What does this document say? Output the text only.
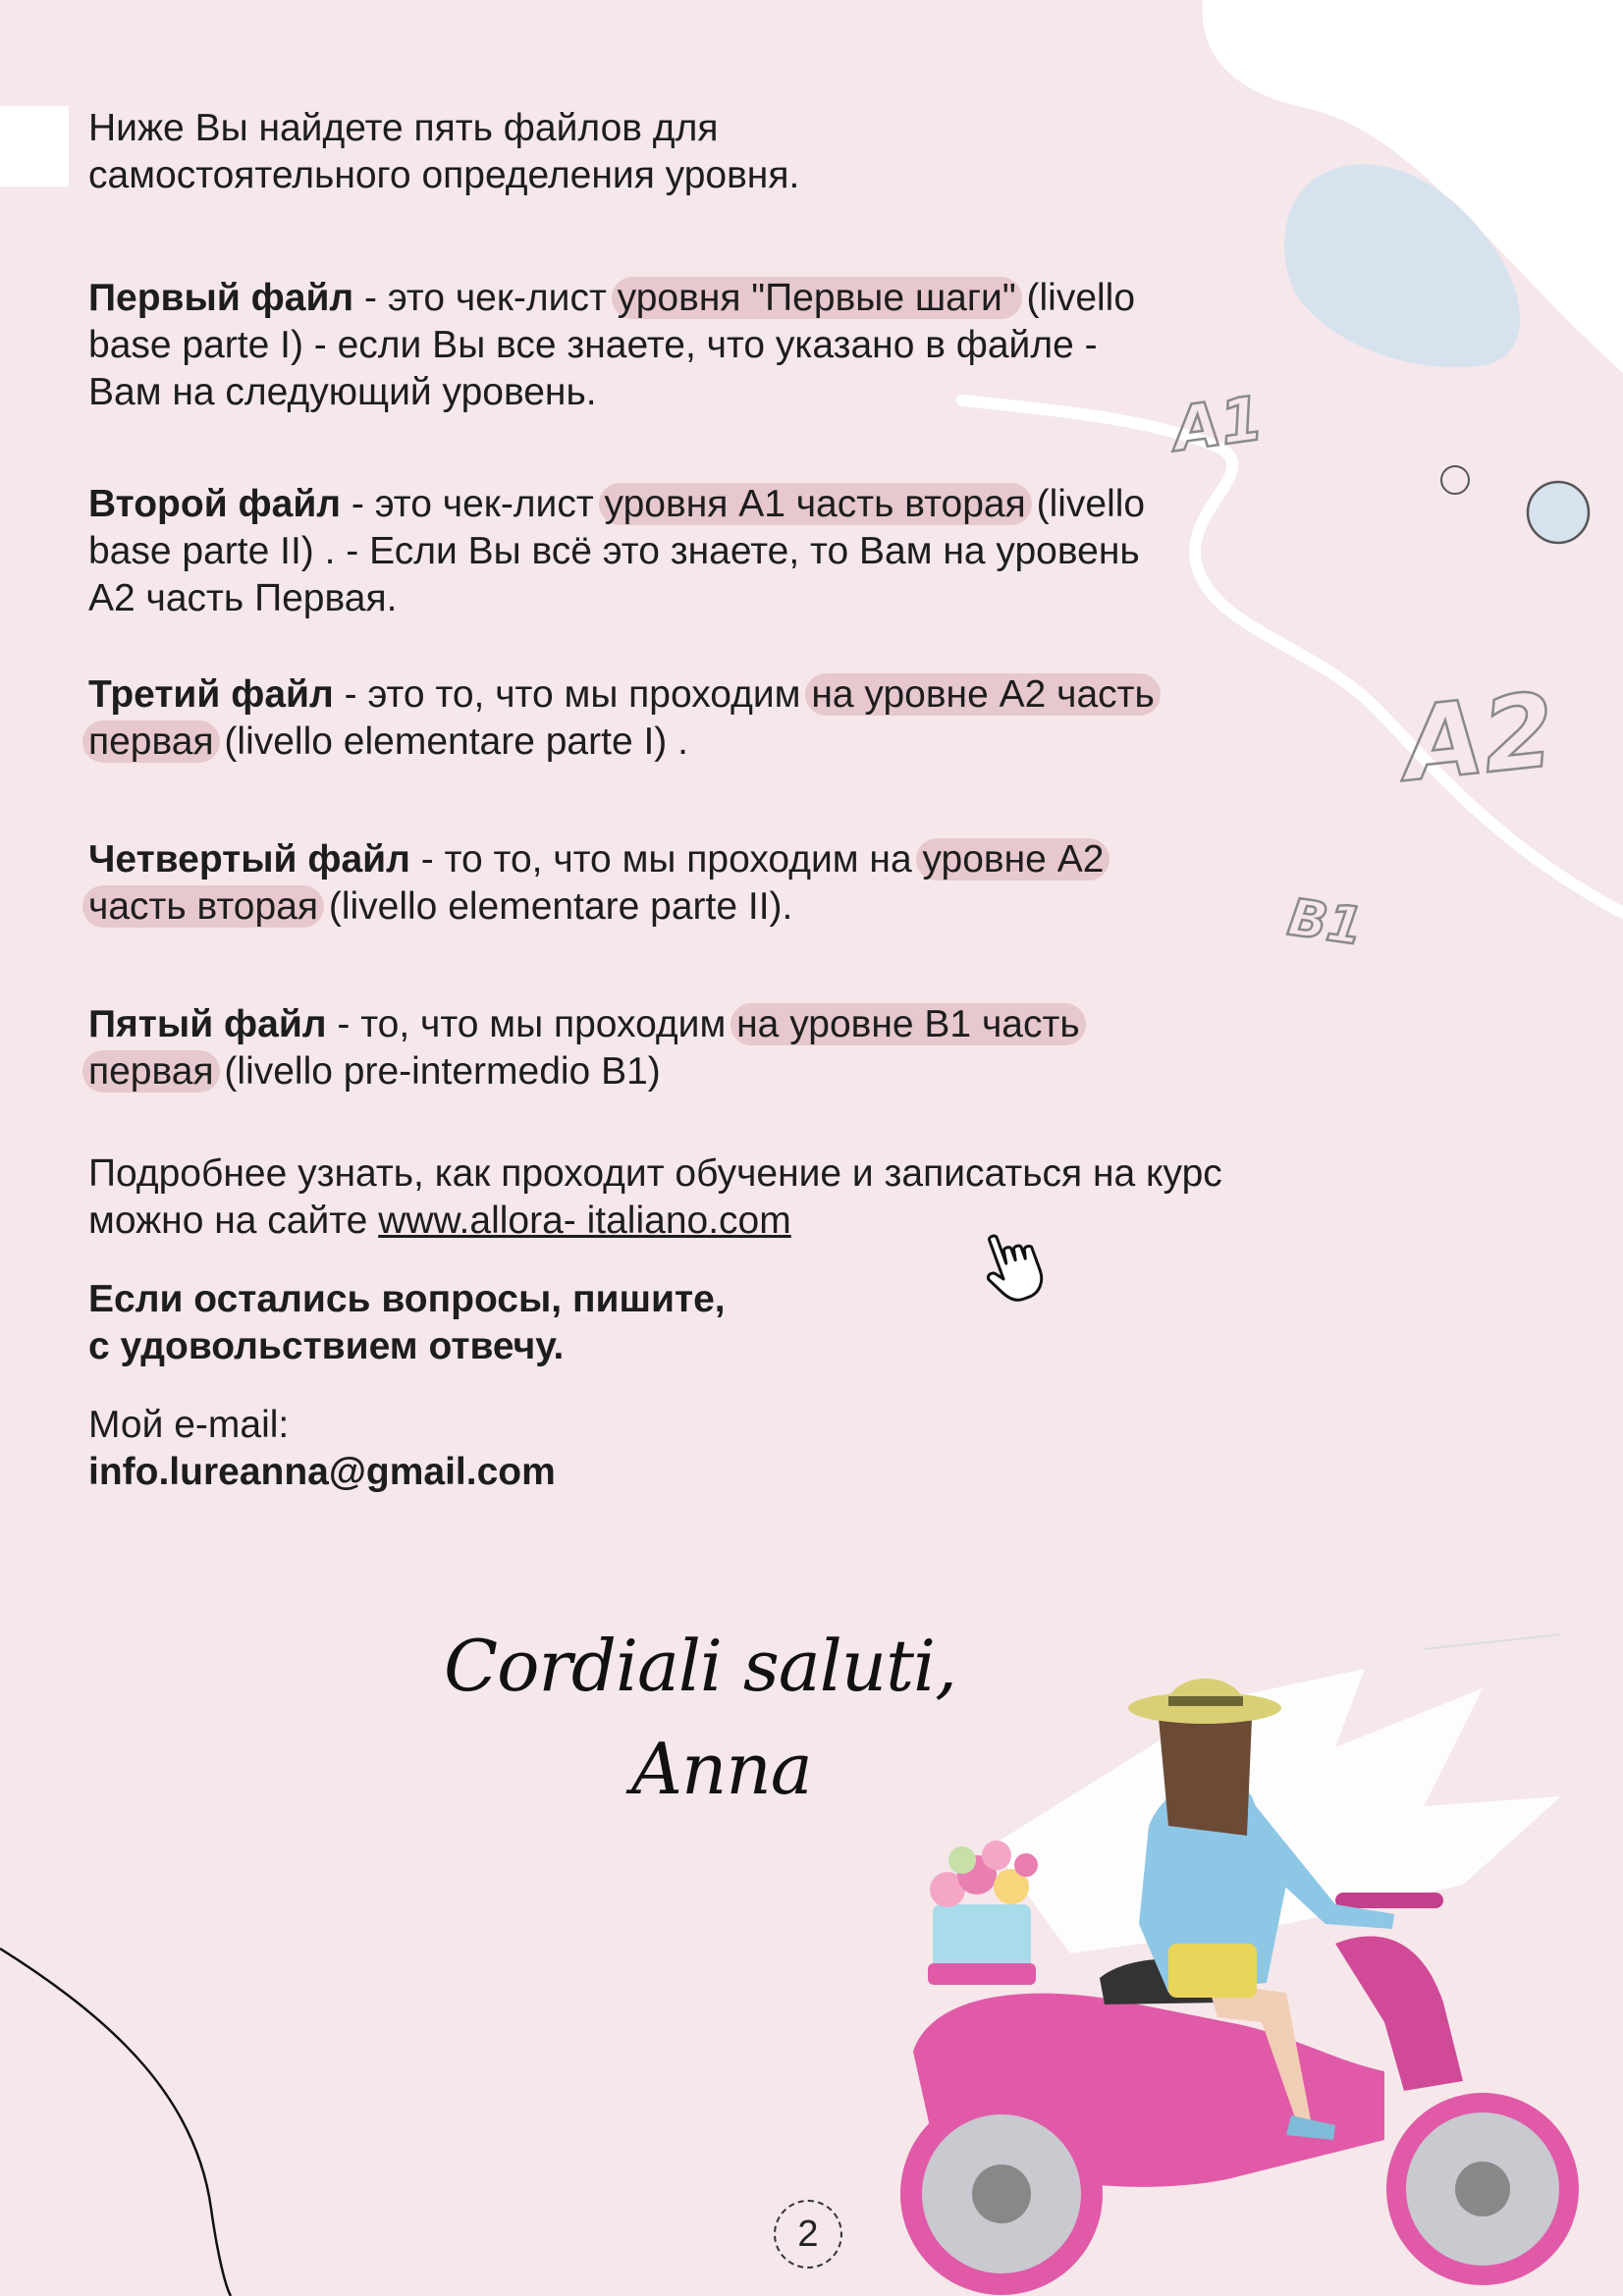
A1
A2
B1

Ниже Вы найдете пять файлов для самостоятельного определения уровня.

Первый файл - это чек-лист уровня "Первые шаги" (livello base parte I) - если Вы все знаете, что указано в файле - Вам на следующий уровень.

Второй файл - это чек-лист уровня А1 часть вторая (livello base parte II) . - Если Вы всё это знаете, то Вам на уровень А2 часть Первая.

Третий файл - это то, что мы проходим на уровне А2 часть первая (livello elementare parte I) .

Четвертый файл - то то, что мы проходим на уровне А2 часть вторая (livello elementare parte II).

Пятый файл - то, что мы проходим на уровне В1 часть первая (livello pre-intermedio B1)

Подробнее узнать, как проходит обучение и записаться на курс можно на сайте www.allora- italiano.com

Если остались вопросы, пишите,
с удовольствием отвечу.

Мой e-mail:
info.lureanna@gmail.com

Cordiali saluti,
Anna
2
